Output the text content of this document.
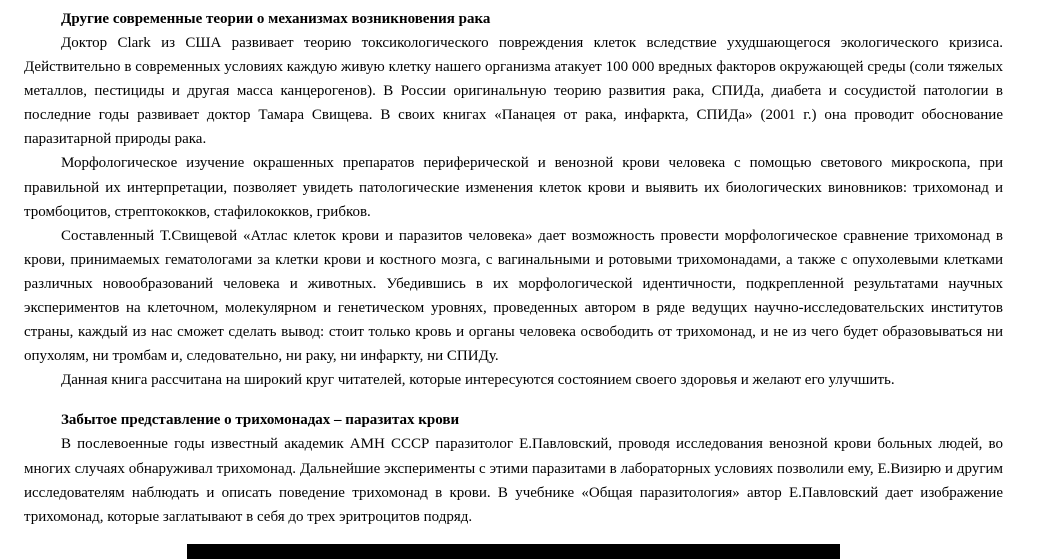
Другие современные теории о механизмах возникновения рака

Доктор Clark из США развивает теорию токсикологического повреждения клеток вследствие ухудшающегося экологического кризиса. Действительно в современных условиях каждую живую клетку нашего организма атакует 100 000 вредных факторов окружающей среды (соли тяжелых металлов, пестициды и другая масса канцерогенов). В России оригинальную теорию развития рака, СПИДа, диабета и сосудистой патологии в последние годы развивает доктор Тамара Свищева. В своих книгах «Панацея от рака, инфаркта, СПИДа» (2001 г.) она проводит обоснование паразитарной природы рака.

Морфологическое изучение окрашенных препаратов периферической и венозной крови человека с помощью светового микроскопа, при правильной их интерпретации, позволяет увидеть патологические изменения клеток крови и выявить их биологических виновников: трихомонад и тромбоцитов, стрептококков, стафилококков, грибков.

Составленный Т.Свищевой «Атлас клеток крови и паразитов человека» дает возможность провести морфологическое сравнение трихомонад в крови, принимаемых гематологами за клетки крови и костного мозга, с вагинальными и ротовыми трихомонадами, а также с опухолевыми клетками различных новообразований человека и животных. Убедившись в их морфологической идентичности, подкрепленной результатами научных экспериментов на клеточном, молекулярном и генетическом уровнях, проведенных автором в ряде ведущих научно-исследовательских институтов страны, каждый из нас сможет сделать вывод: стоит только кровь и органы человека освободить от трихомонад, и не из чего будет образовываться ни опухолям, ни тромбам и, следовательно, ни раку, ни инфаркту, ни СПИДу.

Данная книга рассчитана на широкий круг читателей, которые интересуются состоянием своего здоровья и желают его улучшить.

Забытое представление о трихомонадах – паразитах крови

В послевоенные годы известный академик АМН СССР паразитолог Е.Павловский, проводя исследования венозной крови больных людей, во многих случаях обнаруживал трихомонад. Дальнейшие эксперименты с этими паразитами в лабораторных условиях позволили ему, Е.Визирю и другим исследователям наблюдать и описать поведение трихомонад в крови. В учебнике «Общая паразитология» автор Е.Павловский дает изображение трихомонад, которые заглатывают в себя до трех эритроцитов подряд.
